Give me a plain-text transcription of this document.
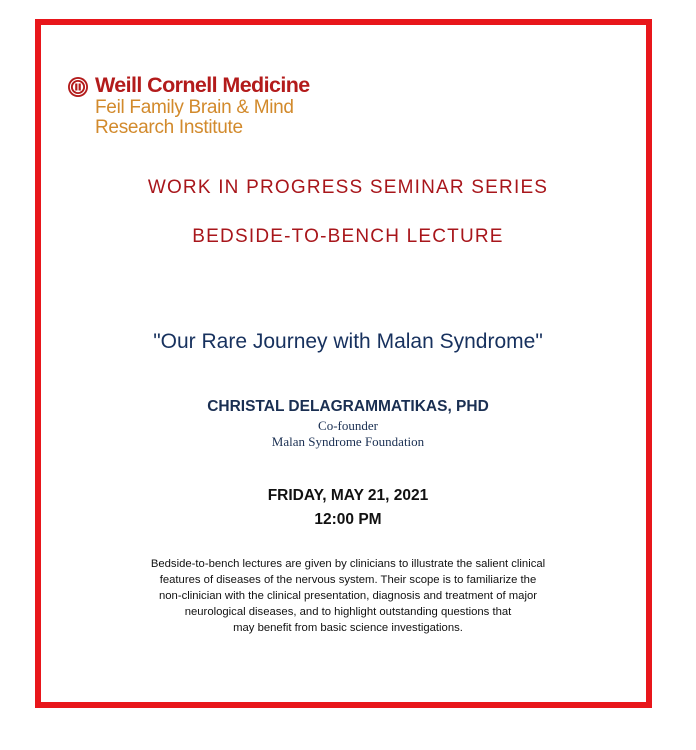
Weill Cornell Medicine
Feil Family Brain & Mind
Research Institute
WORK IN PROGRESS SEMINAR SERIES
BEDSIDE-TO-BENCH LECTURE
"Our Rare Journey with Malan Syndrome"
CHRISTAL DELAGRAMMATIKAS, PHD
Co-founder
Malan Syndrome Foundation
FRIDAY, MAY 21, 2021
12:00 PM
Bedside-to-bench lectures are given by clinicians to illustrate the salient clinical
features of diseases of the nervous system. Their scope is to familiarize the
non-clinician with the clinical presentation, diagnosis and treatment of major
neurological diseases, and to highlight outstanding questions that
may benefit from basic science investigations.
